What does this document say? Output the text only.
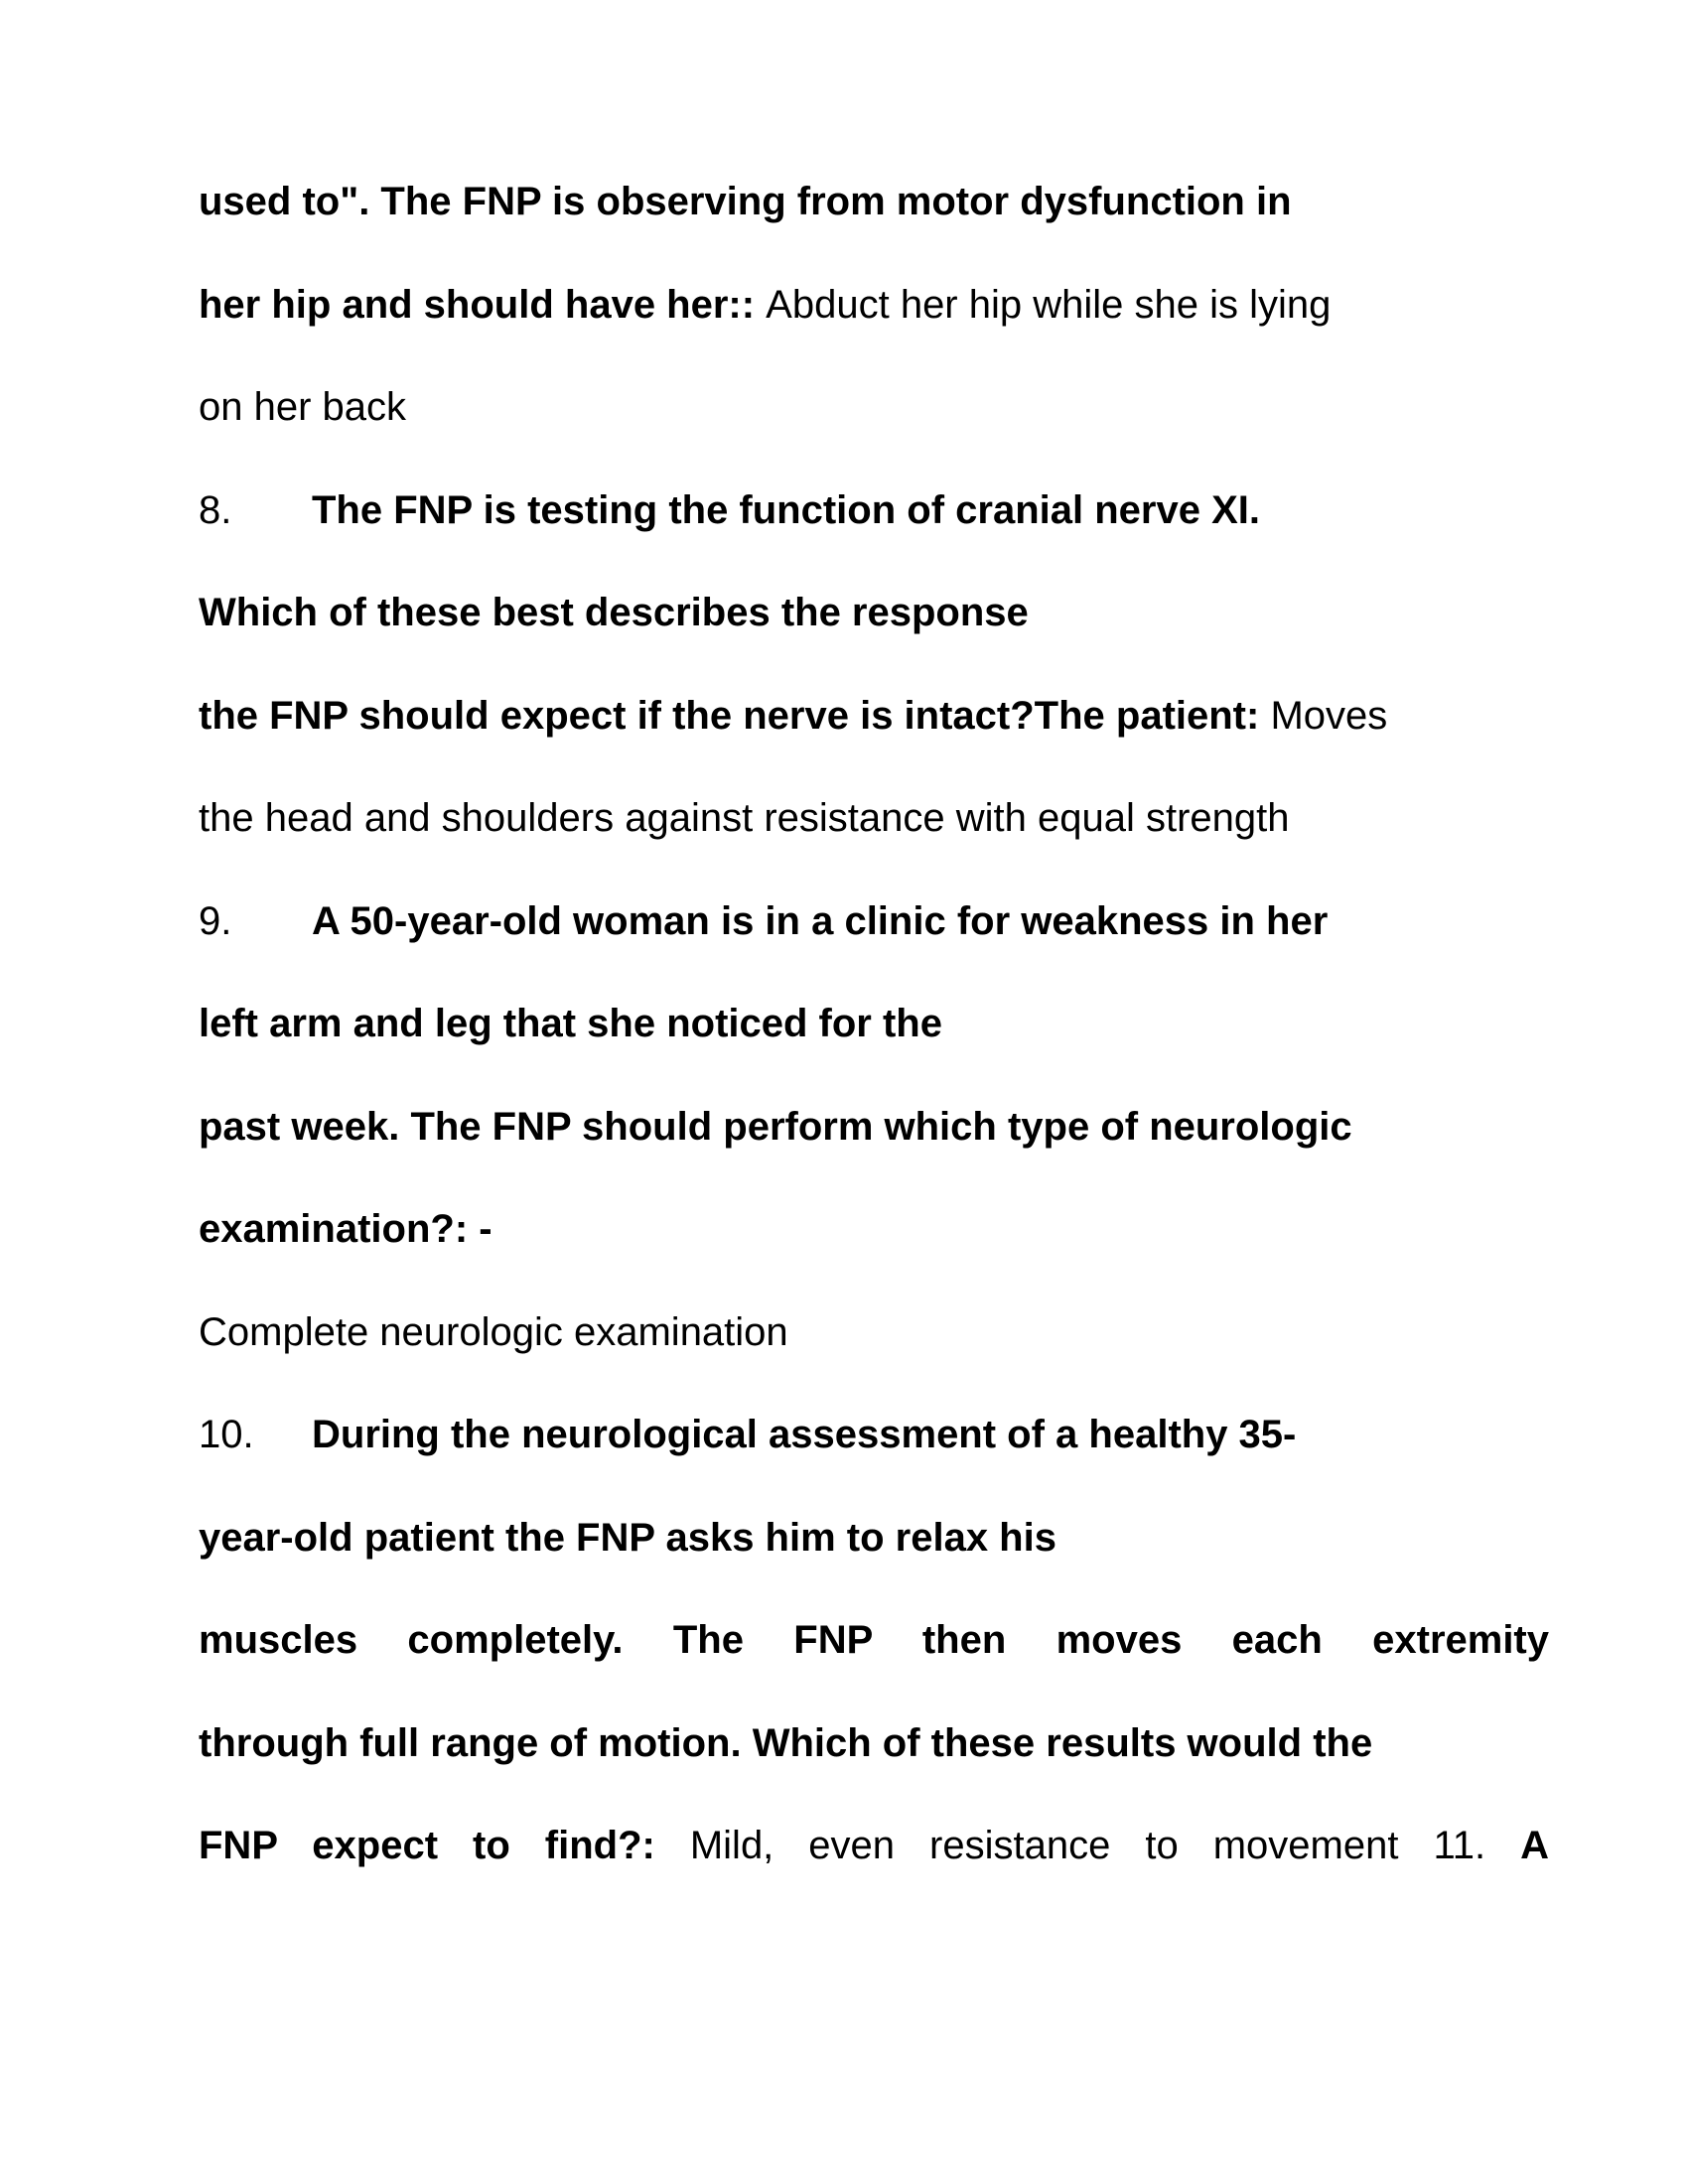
used to". The FNP is observing from motor dysfunction in
her hip and should have her:: Abduct her hip while she is lying
on her back
8. The FNP is testing the function of cranial nerve XI.
Which of these best describes the response
the FNP should expect if the nerve is intact?The patient: Moves
the head and shoulders against resistance with equal strength
9. A 50-year-old woman is in a clinic for weakness in her
left arm and leg that she noticed for the
past week. The FNP should perform which type of neurologic
examination?: -
Complete neurologic examination
10. During the neurological assessment of a healthy 35-
year-old patient the FNP asks him to relax his
muscles completely. The FNP then moves each extremity
through full range of motion. Which of these results would the
FNP expect to find?: Mild, even resistance to movement 11. A
